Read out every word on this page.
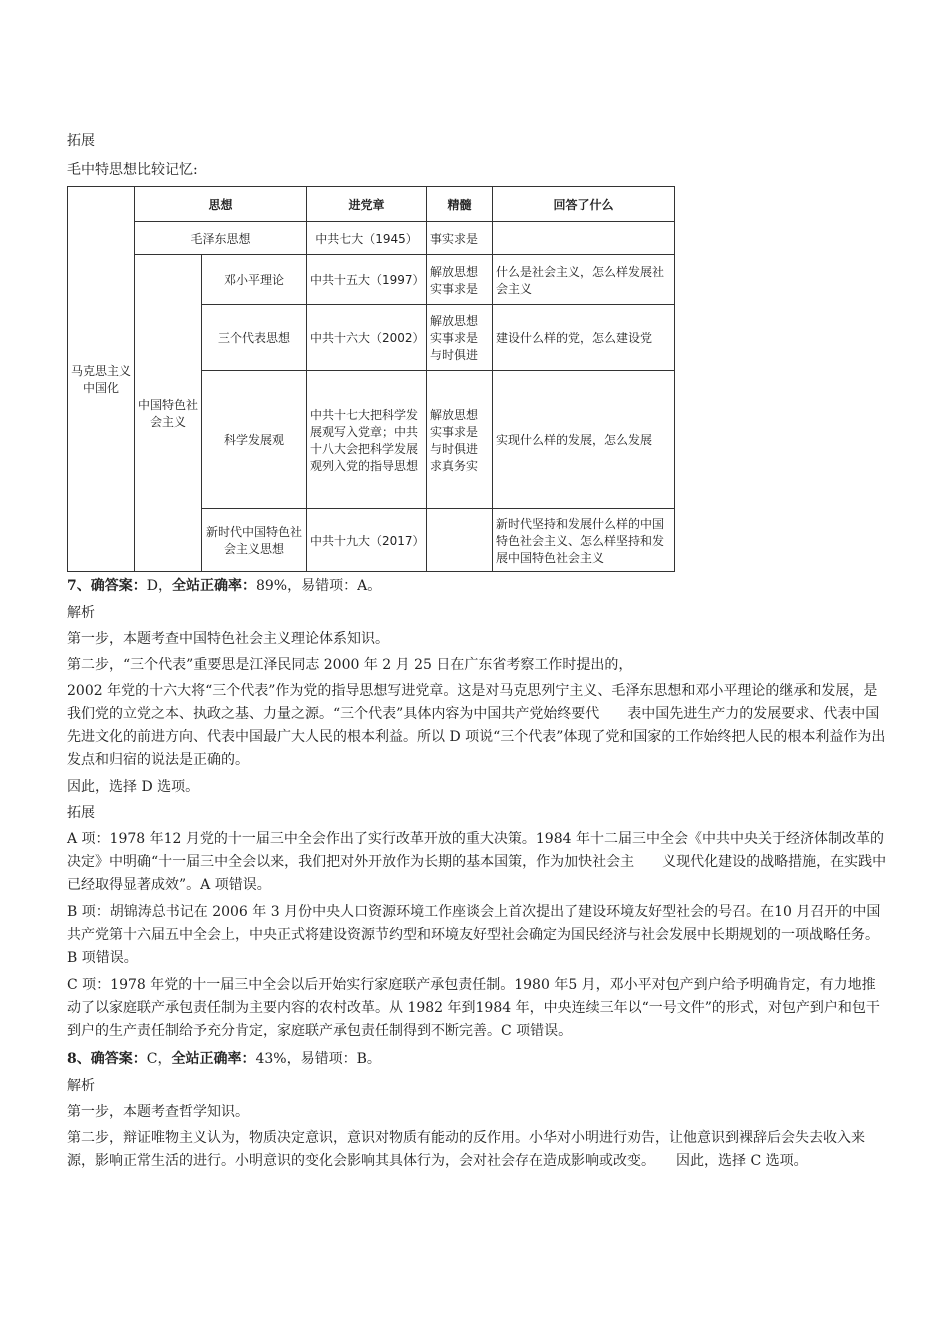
拓展

毛中特思想比较记忆:

马克思主义中国化	思想		进党章	精髓	回答了什么
	毛泽东思想		中共七大（1945）	事实求是	
	中国特色社会主义	邓小平理论	中共十五大（1997）	解放思想实事求是	什么是社会主义，怎么样发展社会主义
		三个代表思想	中共十六大（2002）	解放思想实事求是与时俱进	建设什么样的党，怎么建设党
		科学发展观	中共十七大把科学发展观写入党章；中共十八大会把科学发展观列入党的指导思想	解放思想实事求是与时俱进求真务实	实现什么样的发展，怎么发展
		新时代中国特色社会主义思想	中共十九大（2017）		新时代坚持和发展什么样的中国特色社会主义、怎么样坚持和发展中国特色社会主义

7、确答案：D，全站正确率：89%，易错项：A。

解析

第一步，本题考查中国特色社会主义理论体系知识。

第二步，“三个代表”重要思是江泽民同志 2000 年 2 月 25 日在广东省考察工作时提出的，

2002 年党的十六大将“三个代表”作为党的指导思想写进党章。这是对马克思列宁主义、毛泽东思想和邓小平理论的继承和发展，是我们党的立党之本、执政之基、力量之源。“三个代表”具体内容为中国共产党始终要代　　表中国先进生产力的发展要求、代表中国先进文化的前进方向、代表中国最广大人民的根本利益。所以 D 项说“三个代表”体现了党和国家的工作始终把人民的根本利益作为出发点和归宿的说法是正确的。

因此，选择 D 选项。

拓展

A 项：1978 年12 月党的十一届三中全会作出了实行改革开放的重大决策。1984 年十二届三中全会《中共中央关于经济体制改革的决定》中明确“十一届三中全会以来，我们把对外开放作为长期的基本国策，作为加快社会主　　义现代化建设的战略措施，在实践中已经取得显著成效”。A 项错误。

B 项：胡锦涛总书记在 2006 年 3 月份中央人口资源环境工作座谈会上首次提出了建设环境友好型社会的号召。在10 月召开的中国共产党第十六届五中全会上，中央正式将建设资源节约型和环境友好型社会确定为国民经济与社会发展中长期规划的一项战略任务。B 项错误。

C 项：1978 年党的十一届三中全会以后开始实行家庭联产承包责任制。1980 年5 月，邓小平对包产到户给予明确肯定，有力地推动了以家庭联产承包责任制为主要内容的农村改革。从 1982 年到1984 年，中央连续三年以“一号文件”的形式，对包产到户和包干到户的生产责任制给予充分肯定，家庭联产承包责任制得到不断完善。C 项错误。

8、确答案：C，全站正确率：43%，易错项：B。

解析

第一步，本题考查哲学知识。

第二步，辩证唯物主义认为，物质决定意识，意识对物质有能动的反作用。小华对小明进行劝告，让他意识到裸辞后会失去收入来源，影响正常生活的进行。小明意识的变化会影响其具体行为，会对社会存在造成影响或改变。　　因此，选择 C 选项。
